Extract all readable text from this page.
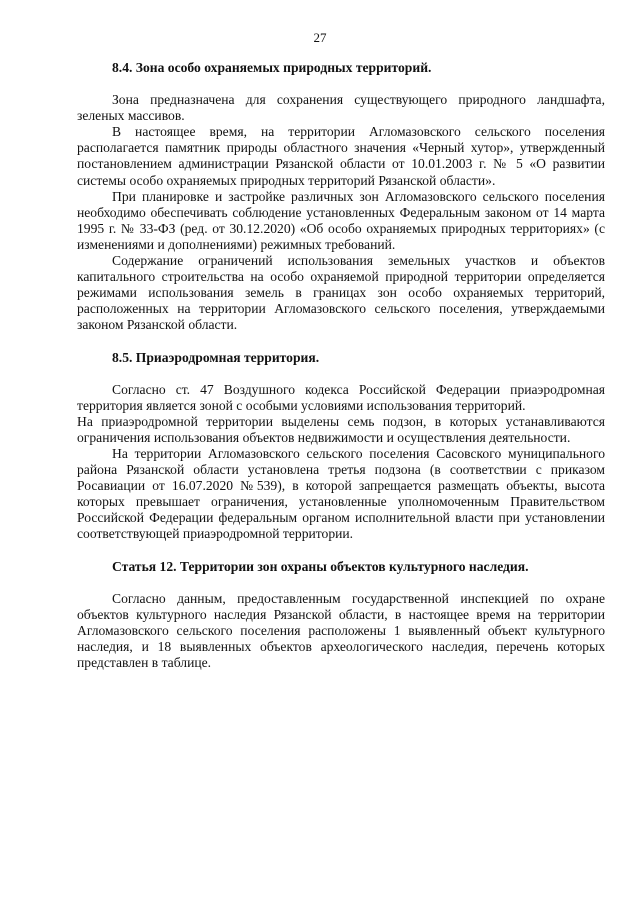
27
8.4. Зона особо охраняемых природных территорий.

Зона предназначена для сохранения существующего природного ландшафта, зеленых массивов.

В настоящее время, на территории Агломазовского сельского поселения располагается памятник природы областного значения «Черный хутор», утвержденный постановлением администрации Рязанской области от 10.01.2003 г. № 5 «О развитии системы особо охраняемых природных территорий Рязанской области».

При планировке и застройке различных зон Агломазовского сельского поселения необходимо обеспечивать соблюдение установленных Федеральным законом от 14 марта 1995 г. № 33-ФЗ (ред. от 30.12.2020) «Об особо охраняемых природных территориях» (с изменениями и дополнениями) режимных требований.

Содержание ограничений использования земельных участков и объектов капитального строительства на особо охраняемой природной территории определяется режимами использования земель в границах зон особо охраняемых территорий, расположенных на территории Агломазовского сельского поселения, утверждаемыми законом Рязанской области.

8.5. Приаэродромная территория.

Согласно ст. 47 Воздушного кодекса Российской Федерации приаэродромная территория является зоной с особыми условиями использования территорий.

На приаэродромной территории выделены семь подзон, в которых устанавливаются ограничения использования объектов недвижимости и осуществления деятельности.

На территории Агломазовского сельского поселения Сасовского муниципального района Рязанской области установлена третья подзона (в соответствии с приказом Росавиации от 16.07.2020 №539), в которой запрещается размещать объекты, высота которых превышает ограничения, установленные уполномоченным Правительством Российской Федерации федеральным органом исполнительной власти при установлении соответствующей приаэродромной территории.

Статья 12. Территории зон охраны объектов культурного наследия.

Согласно данным, предоставленным государственной инспекцией по охране объектов культурного наследия Рязанской области, в настоящее время на территории Агломазовского сельского поселения расположены 1 выявленный объект культурного наследия, и 18 выявленных объектов археологического наследия, перечень которых представлен в таблице.
